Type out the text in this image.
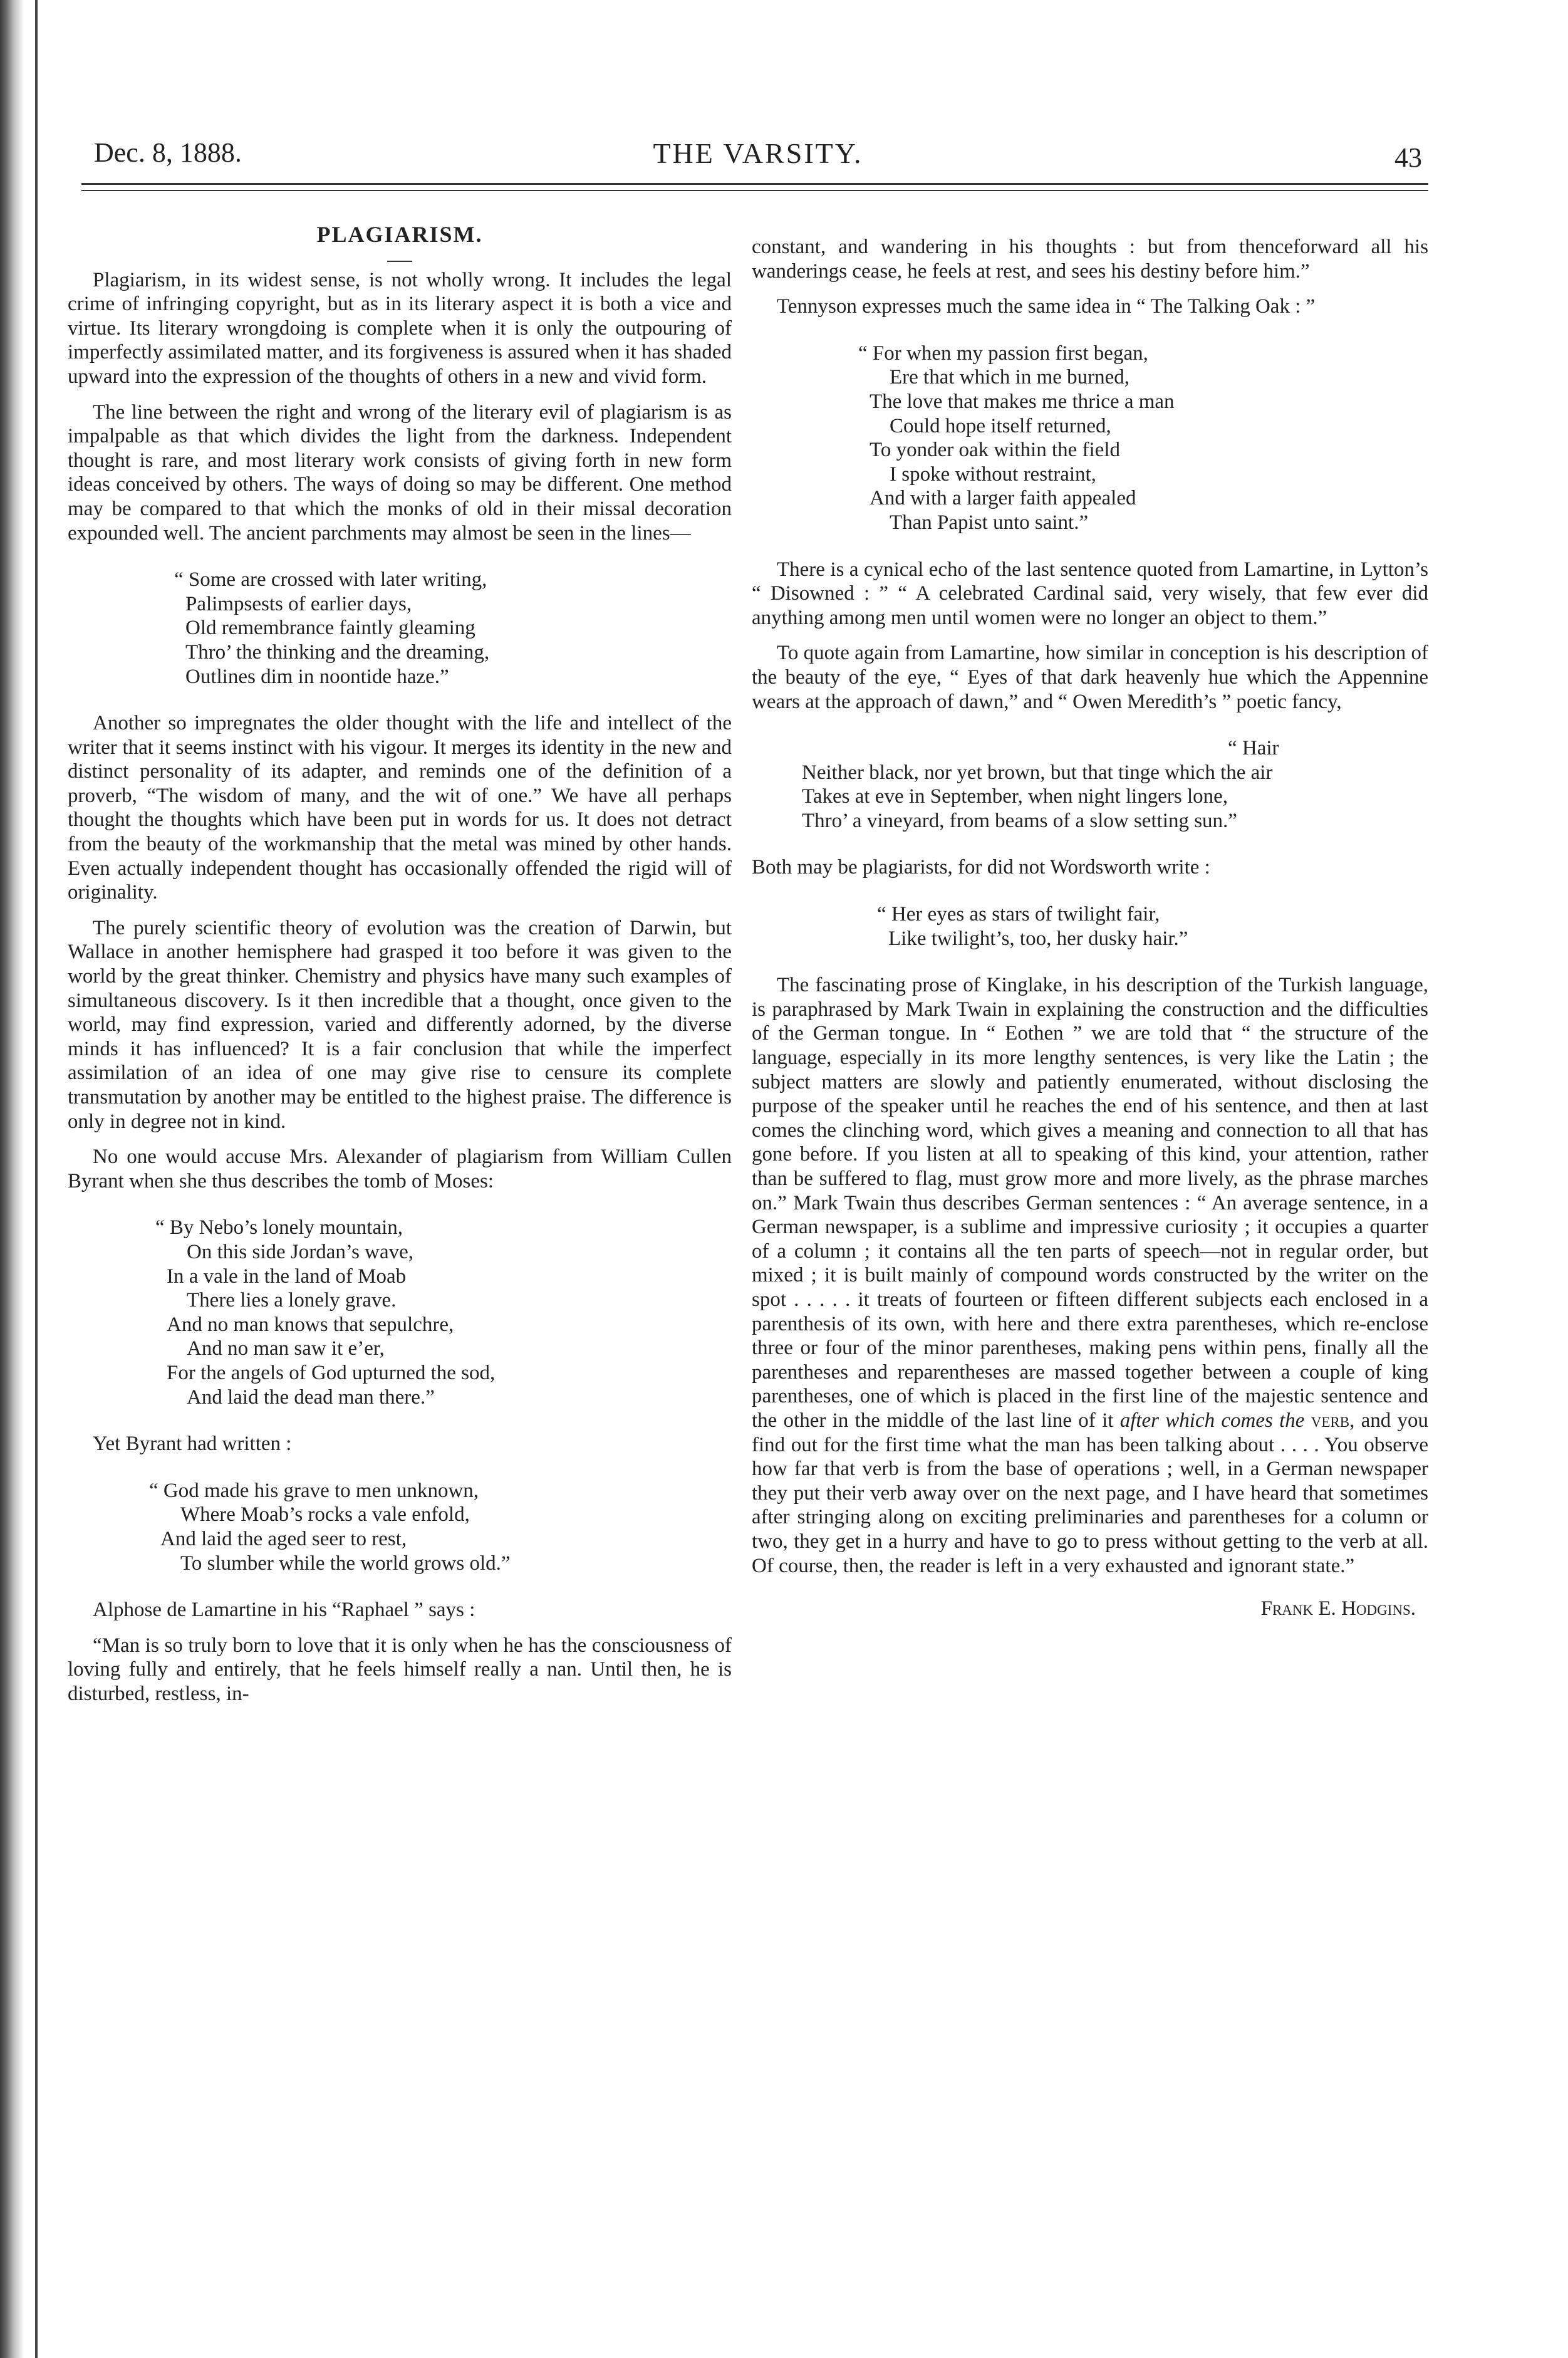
Dec. 8, 1888.	THE VARSITY.	43
PLAGIARISM.

Plagiarism, in its widest sense, is not wholly wrong. It includes the legal crime of infringing copyright, but as in its literary aspect it is both a vice and virtue. Its literary wrongdoing is complete when it is only the outpouring of imperfectly assimilated matter, and its forgiveness is assured when it has shaded upward into the expression of the thoughts of others in a new and vivid form.

The line between the right and wrong of the literary evil of plagiarism is as impalpable as that which divides the light from the darkness. Independent thought is rare, and most literary work consists of giving forth in new form ideas conceived by others. The ways of doing so may be different. One method may be compared to that which the monks of old in their missal decoration expounded well. The ancient parchments may almost be seen in the lines—

“ Some are crossed with later writing,
Palimpsests of earlier days,
Old remembrance faintly gleaming
Thro’ the thinking and the dreaming,
Outlines dim in noontide haze.”

Another so impregnates the older thought with the life and intellect of the writer that it seems instinct with his vigour. It merges its identity in the new and distinct personality of its adapter, and reminds one of the definition of a proverb, “The wisdom of many, and the wit of one.” We have all perhaps thought the thoughts which have been put in words for us. It does not detract from the beauty of the workmanship that the metal was mined by other hands. Even actually independent thought has occasionally offended the rigid will of originality.

The purely scientific theory of evolution was the creation of Darwin, but Wallace in another hemisphere had grasped it too before it was given to the world by the great thinker. Chemistry and physics have many such examples of simultaneous discovery. Is it then incredible that a thought, once given to the world, may find expression, varied and differently adorned, by the diverse minds it has influenced? It is a fair conclusion that while the imperfect assimilation of an idea of one may give rise to censure its complete transmutation by another may be entitled to the highest praise. The difference is only in degree not in kind.

No one would accuse Mrs. Alexander of plagiarism from William Cullen Byrant when she thus describes the tomb of Moses:

“ By Nebo’s lonely mountain,
On this side Jordan’s wave,
In a vale in the land of Moab
There lies a lonely grave.
And no man knows that sepulchre,
And no man saw it e’er,
For the angels of God upturned the sod,
And laid the dead man there.”

Yet Byrant had written :

“ God made his grave to men unknown,
Where Moab’s rocks a vale enfold,
And laid the aged seer to rest,
To slumber while the world grows old.”

Alphose de Lamartine in his “Raphael ” says :

“Man is so truly born to love that it is only when he has the consciousness of loving fully and entirely, that he feels himself really a nan. Until then, he is disturbed, restless, in-

constant, and wandering in his thoughts : but from thenceforward all his wanderings cease, he feels at rest, and sees his destiny before him.”

Tennyson expresses much the same idea in “ The Talking Oak : ”

“ For when my passion first began,
Ere that which in me burned,
The love that makes me thrice a man
Could hope itself returned,
To yonder oak within the field
I spoke without restraint,
And with a larger faith appealed
Than Papist unto saint.”

There is a cynical echo of the last sentence quoted from Lamartine, in Lytton’s “ Disowned : ” “ A celebrated Cardinal said, very wisely, that few ever did anything among men until women were no longer an object to them.”

To quote again from Lamartine, how similar in conception is his description of the beauty of the eye, “ Eyes of that dark heavenly hue which the Appennine wears at the approach of dawn,” and “ Owen Meredith’s ” poetic fancy,

“ Hair
Neither black, nor yet brown, but that tinge which the air
Takes at eve in September, when night lingers lone,
Thro’ a vineyard, from beams of a slow setting sun.”

Both may be plagiarists, for did not Wordsworth write :

“ Her eyes as stars of twilight fair,
Like twilight’s, too, her dusky hair.”

The fascinating prose of Kinglake, in his description of the Turkish language, is paraphrased by Mark Twain in explaining the construction and the difficulties of the German tongue. In “ Eothen ” we are told that “ the structure of the language, especially in its more lengthy sentences, is very like the Latin ; the subject matters are slowly and patiently enumerated, without disclosing the purpose of the speaker until he reaches the end of his sentence, and then at last comes the clinching word, which gives a meaning and connection to all that has gone before. If you listen at all to speaking of this kind, your attention, rather than be suffered to flag, must grow more and more lively, as the phrase marches on.” Mark Twain thus describes German sentences : “ An average sentence, in a German newspaper, is a sublime and impressive curiosity ; it occupies a quarter of a column ; it contains all the ten parts of speech—not in regular order, but mixed ; it is built mainly of compound words constructed by the writer on the spot . . . . . it treats of fourteen or fifteen different subjects each enclosed in a parenthesis of its own, with here and there extra parentheses, which re-enclose three or four of the minor parentheses, making pens within pens, finally all the parentheses and reparentheses are massed together between a couple of king parentheses, one of which is placed in the first line of the majestic sentence and the other in the middle of the last line of it after which comes the verb, and you find out for the first time what the man has been talking about . . . . You observe how far that verb is from the base of operations ; well, in a German newspaper they put their verb away over on the next page, and I have heard that sometimes after stringing along on exciting preliminaries and parentheses for a column or two, they get in a hurry and have to go to press without getting to the verb at all. Of course, then, the reader is left in a very exhausted and ignorant state.”

Frank E. Hodgins.
